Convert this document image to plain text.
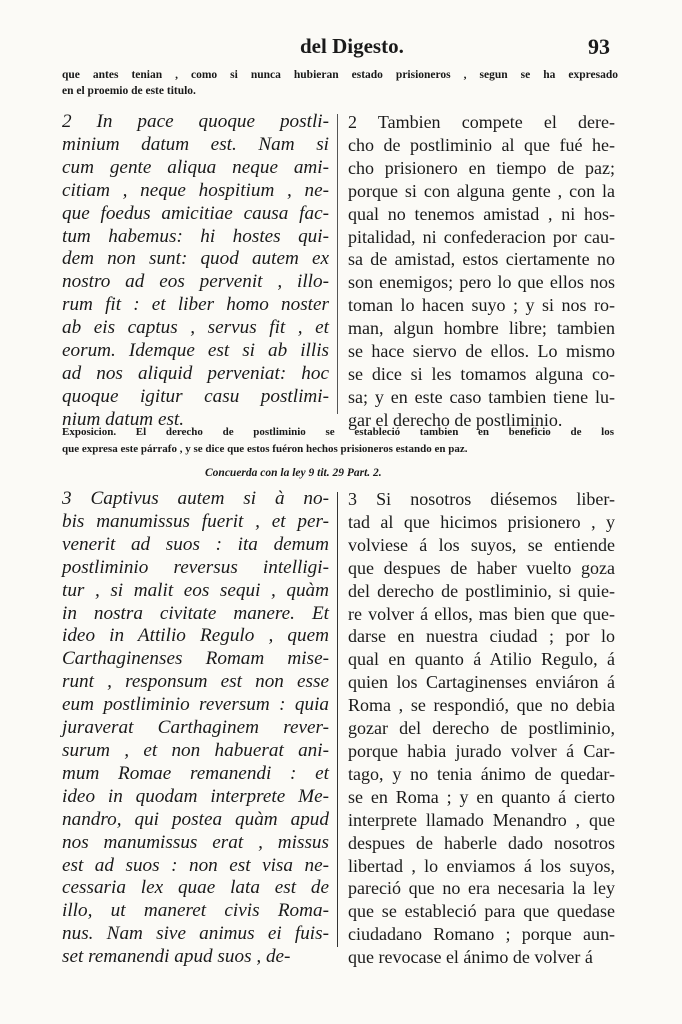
del Digesto.	93
que antes tenian , como si nunca hubieran estado prisioneros , segun se ha expresado
en el proemio de este titulo.
2 In pace quoque postli-
minium datum est. Nam si
cum gente aliqua neque ami-
citiam , neque hospitium , ne-
que foedus amicitiae causa fac-
tum habemus: hi hostes qui-
dem non sunt: quod autem ex
nostro ad eos pervenit , illo-
rum fit : et liber homo noster
ab eis captus , servus fit , et
eorum. Idemque est si ab illis
ad nos aliquid perveniat: hoc
quoque igitur casu postlimi-
nium datum est.
2 Tambien compete el dere-
cho de postliminio al que fué he-
cho prisionero en tiempo de paz;
porque si con alguna gente , con la
qual no tenemos amistad , ni hos-
pitalidad, ni confederacion por cau-
sa de amistad, estos ciertamente no
son enemigos; pero lo que ellos nos
toman lo hacen suyo ; y si nos ro-
man, algun hombre libre; tambien
se hace siervo de ellos. Lo mismo
se dice si les tomamos alguna co-
sa; y en este caso tambien tiene lu-
gar el derecho de postliminio.
Exposicion. El derecho de postliminio se estableció tambien en beneficio de los
que expresa este párrafo , y se dice que estos fuéron hechos prisioneros estando en paz.
Concuerda con la ley 9 tit. 29 Part. 2.
3 Captivus autem si à no-
bis manumissus fuerit , et per-
venerit ad suos : ita demum
postliminio reversus intelligi-
tur , si malit eos sequi , quàm
in nostra civitate manere. Et
ideo in Attilio Regulo , quem
Carthaginenses Romam mise-
runt , responsum est non esse
eum postliminio reversum : quia
juraverat Carthaginem rever-
surum , et non habuerat ani-
mum Romae remanendi : et
ideo in quodam interprete Me-
nandro, qui postea quàm apud
nos manumissus erat , missus
est ad suos : non est visa ne-
cessaria lex quae lata est de
illo, ut maneret civis Roma-
nus. Nam sive animus ei fuis-
set remanendi apud suos , de-
3 Si nosotros diésemos liber-
tad al que hicimos prisionero , y
volviese á los suyos, se entiende
que despues de haber vuelto goza
del derecho de postliminio, si quie-
re volver á ellos, mas bien que que-
darse en nuestra ciudad ; por lo
qual en quanto á Atilio Regulo, á
quien los Cartaginenses enviáron á
Roma , se respondió, que no debia
gozar del derecho de postliminio,
porque habia jurado volver á Car-
tago, y no tenia ánimo de quedar-
se en Roma ; y en quanto á cierto
interprete llamado Menandro , que
despues de haberle dado nosotros
libertad , lo enviamos á los suyos,
pareció que no era necesaria la ley
que se estableció para que quedase
ciudadano Romano ; porque aun-
que revocase el ánimo de volver á
